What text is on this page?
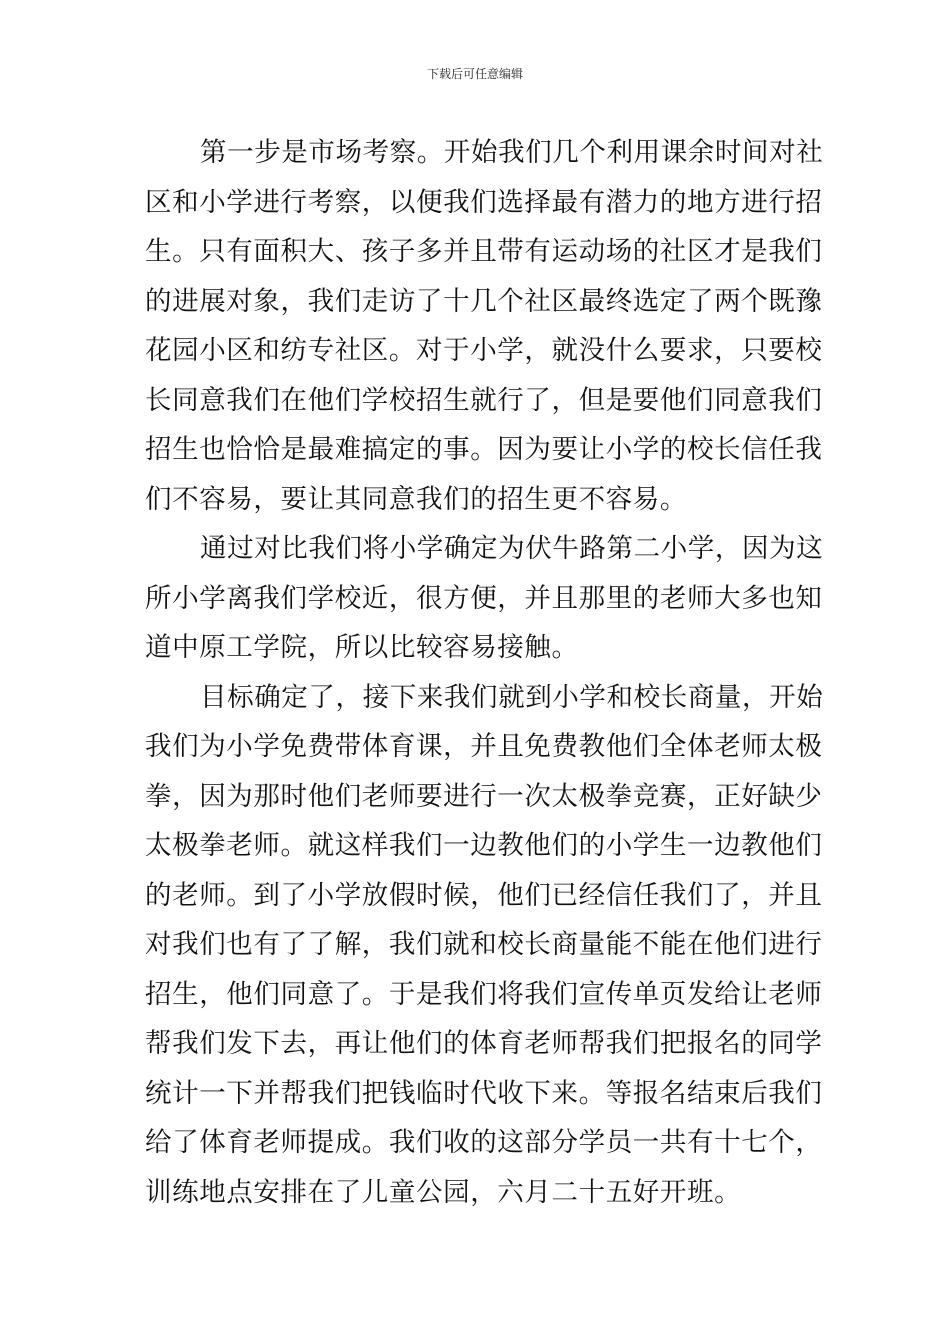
下载后可任意编辑

第一步是市场考察。开始我们几个利用课余时间对社
区和小学进行考察，以便我们选择最有潜力的地方进行招
生。只有面积大、孩子多并且带有运动场的社区才是我们
的进展对象，我们走访了十几个社区最终选定了两个既豫
花园小区和纺专社区。对于小学，就没什么要求，只要校
长同意我们在他们学校招生就行了，但是要他们同意我们
招生也恰恰是最难搞定的事。因为要让小学的校长信任我
们不容易，要让其同意我们的招生更不容易。

通过对比我们将小学确定为伏牛路第二小学，因为这
所小学离我们学校近，很方便，并且那里的老师大多也知
道中原工学院，所以比较容易接触。

目标确定了，接下来我们就到小学和校长商量，开始
我们为小学免费带体育课，并且免费教他们全体老师太极
拳，因为那时他们老师要进行一次太极拳竞赛，正好缺少
太极拳老师。就这样我们一边教他们的小学生一边教他们
的老师。到了小学放假时候，他们已经信任我们了，并且
对我们也有了了解，我们就和校长商量能不能在他们进行
招生，他们同意了。于是我们将我们宣传单页发给让老师
帮我们发下去，再让他们的体育老师帮我们把报名的同学
统计一下并帮我们把钱临时代收下来。等报名结束后我们
给了体育老师提成。我们收的这部分学员一共有十七个，
训练地点安排在了儿童公园，六月二十五好开班。
